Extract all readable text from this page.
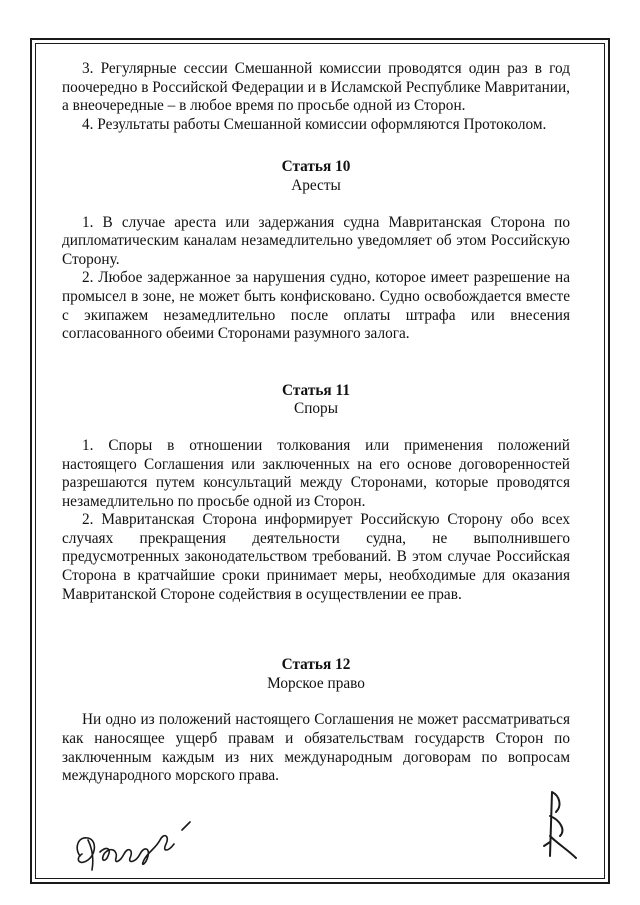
3. Регулярные сессии Смешанной комиссии проводятся один раз в год поочередно в Российской Федерации и в Исламской Республике Мавритании, а внеочередные – в любое время по просьбе одной из Сторон.

4. Результаты работы Смешанной комиссии оформляются Протоколом.

Статья 10
Аресты

1. В случае ареста или задержания судна Мавританская Сторона по дипломатическим каналам незамедлительно уведомляет об этом Российскую Сторону.

2. Любое задержанное за нарушения судно, которое имеет разрешение на промысел в зоне, не может быть конфисковано. Судно освобождается вместе с экипажем незамедлительно после оплаты штрафа или внесения согласованного обеими Сторонами разумного залога.

Статья 11
Споры

1. Споры в отношении толкования или применения положений настоящего Соглашения или заключенных на его основе договоренностей разрешаются путем консультаций между Сторонами, которые проводятся незамедлительно по просьбе одной из Сторон.

2. Мавританская Сторона информирует Российскую Сторону обо всех случаях прекращения деятельности судна, не выполнившего предусмотренных законодательством требований. В этом случае Российская Сторона в кратчайшие сроки принимает меры, необходимые для оказания Мавританской Стороне содействия в осуществлении ее прав.

Статья 12
Морское право

Ни одно из положений настоящего Соглашения не может рассматриваться как наносящее ущерб правам и обязательствам государств Сторон по заключенным каждым из них международным договорам по вопросам международного морского права.
